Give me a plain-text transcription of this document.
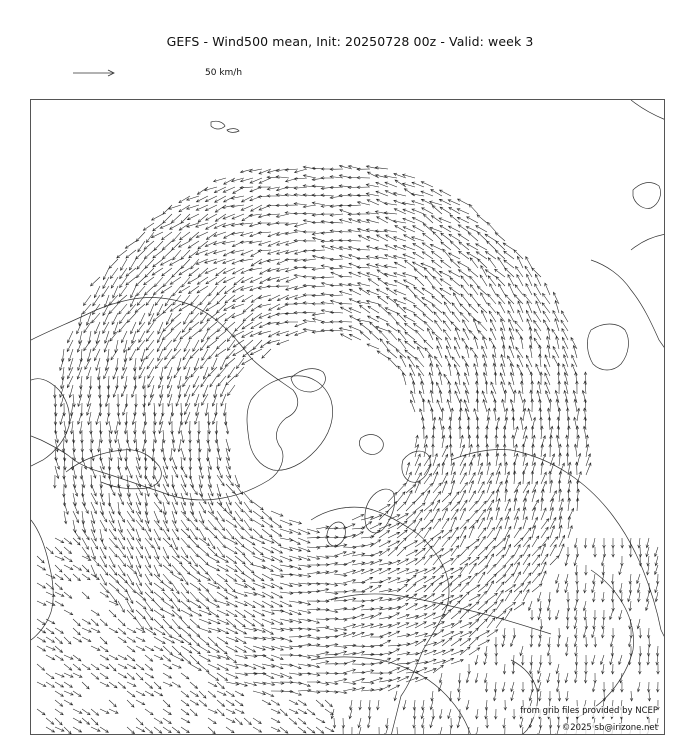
GEFS - Wind500 mean, Init: 20250728 00z - Valid: week 3
50 km/h
from grib files provided by NCEP
©2025 sb@irizone.net
